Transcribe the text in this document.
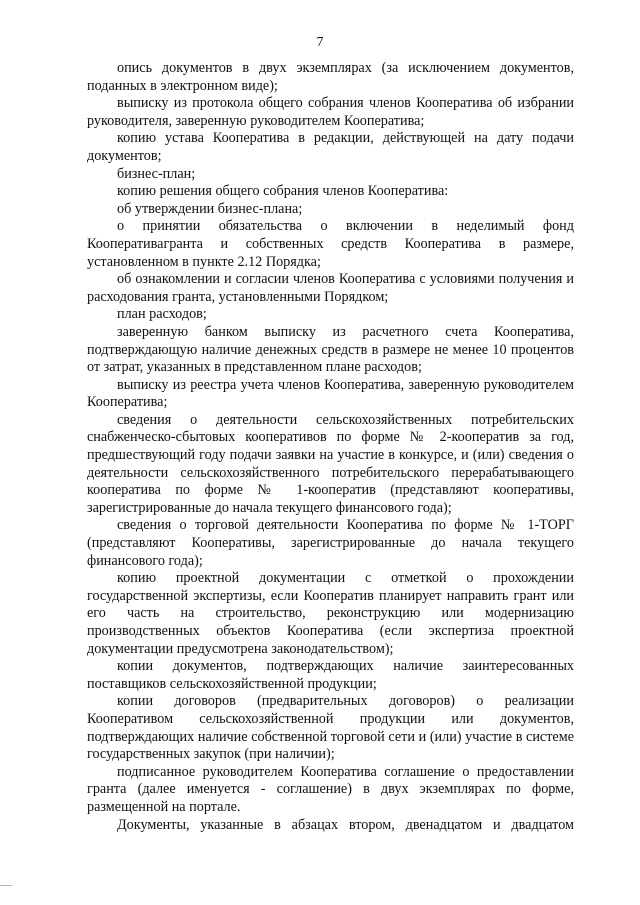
7

опись документов в двух экземплярах (за исключением документов, поданных в электронном виде);

выписку из протокола общего собрания членов Кооператива об избрании руководителя, заверенную руководителем Кооператива;

копию устава Кооператива в редакции, действующей на дату подачи документов;

бизнес-план;

копию решения общего собрания членов Кооператива:

об утверждении бизнес-плана;

о принятии обязательства о включении в неделимый фонд Кооперативагранта и собственных средств Кооператива в размере, установленном в пункте 2.12 Порядка;

об ознакомлении и согласии членов Кооператива с условиями получения и расходования гранта, установленными Порядком;

план расходов;

заверенную банком выписку из расчетного счета Кооператива, подтверждающую наличие денежных средств в размере не менее 10 процентов от затрат, указанных в представленном плане расходов;

выписку из реестра учета членов Кооператива, заверенную руководителем Кооператива;

сведения о деятельности сельскохозяйственных потребительских снабженческо-сбытовых кооперативов по форме № 2-кооператив за год, предшествующий году подачи заявки на участие в конкурсе, и (или) сведения о деятельности сельскохозяйственного потребительского перерабатывающего кооператива по форме № 1-кооператив (представляют кооперативы, зарегистрированные до начала текущего финансового года);

сведения о торговой деятельности Кооператива по форме № 1-ТОРГ (представляют Кооперативы, зарегистрированные до начала текущего финансового года);

копию проектной документации с отметкой о прохождении государственной экспертизы, если Кооператив планирует направить грант или его часть на строительство, реконструкцию или модернизацию производственных объектов Кооператива (если экспертиза проектной документации предусмотрена законодательством);

копии документов, подтверждающих наличие заинтересованных поставщиков сельскохозяйственной продукции;

копии договоров (предварительных договоров) о реализации Кооперативом сельскохозяйственной продукции или документов, подтверждающих наличие собственной торговой сети и (или) участие в системе государственных закупок (при наличии);

подписанное руководителем Кооператива соглашение о предоставлении гранта (далее именуется - соглашение) в двух экземплярах по форме, размещенной на портале.

Документы, указанные в абзацах втором, двенадцатом и двадцатом
